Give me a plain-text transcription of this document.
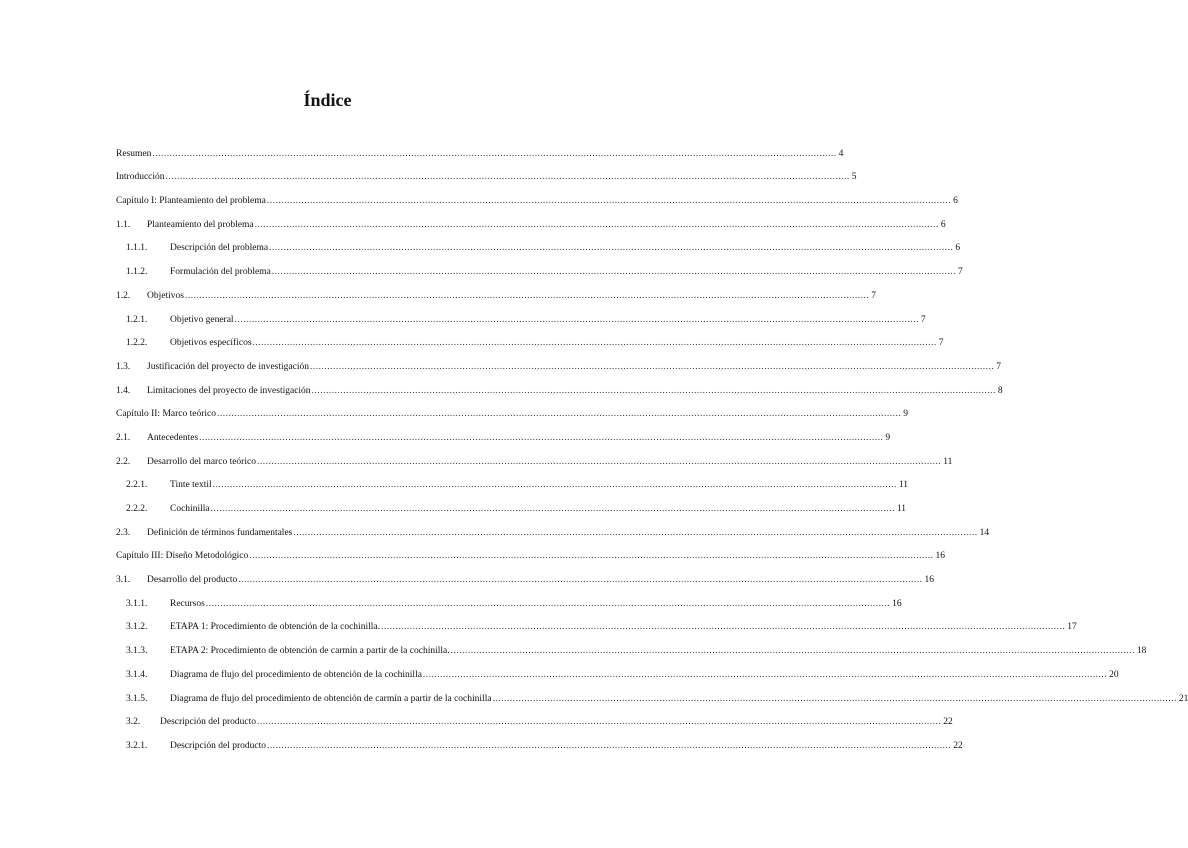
Índice
Resumen .............................................................................................................................................................................................................................................. 4
Introducción .............................................................................................................................................................................................................................................. 5
Capítulo I: Planteamiento del problema .............................................................................................................................................................................................................................................. 6
1.1.	Planteamiento del problema .............................................................................................................................................................................................................................................. 6
1.1.1.	Descripción del problema .............................................................................................................................................................................................................................................. 6
1.1.2.	Formulación del problema .............................................................................................................................................................................................................................................. 7
1.2.	Objetivos .............................................................................................................................................................................................................................................. 7
1.2.1.	Objetivo general .............................................................................................................................................................................................................................................. 7
1.2.2.	Objetivos específicos .............................................................................................................................................................................................................................................. 7
1.3.	Justificación del proyecto de investigación .............................................................................................................................................................................................................................................. 7
1.4.	Limitaciones del proyecto de investigación .............................................................................................................................................................................................................................................. 8
Capítulo II: Marco teórico .............................................................................................................................................................................................................................................. 9
2.1.	Antecedentes .............................................................................................................................................................................................................................................. 9
2.2.	Desarrollo del marco teórico .............................................................................................................................................................................................................................................. 11
2.2.1.	Tinte textil .............................................................................................................................................................................................................................................. 11
2.2.2.	Cochinilla .............................................................................................................................................................................................................................................. 11
2.3.	Definición de términos fundamentales .............................................................................................................................................................................................................................................. 14
Capítulo III: Diseño Metodológico .............................................................................................................................................................................................................................................. 16
3.1.	Desarrollo del producto .............................................................................................................................................................................................................................................. 16
3.1.1.	Recursos .............................................................................................................................................................................................................................................. 16
3.1.2.	ETAPA 1: Procedimiento de obtención de la cochinilla. .............................................................................................................................................................................................................................................. 17
3.1.3.	ETAPA 2: Procedimiento de obtención de carmín a partir de la cochinilla. .............................................................................................................................................................................................................................................. 18
3.1.4.	Diagrama de flujo del procedimiento de obtención de la cochinilla .............................................................................................................................................................................................................................................. 20
3.1.5.	Diagrama de flujo del procedimiento de obtención de carmín a partir de la cochinilla .............................................................................................................................................................................................................................................. 21
3.2.	Descripción del producto .............................................................................................................................................................................................................................................. 22
3.2.1.	Descripción del producto .............................................................................................................................................................................................................................................. 22
